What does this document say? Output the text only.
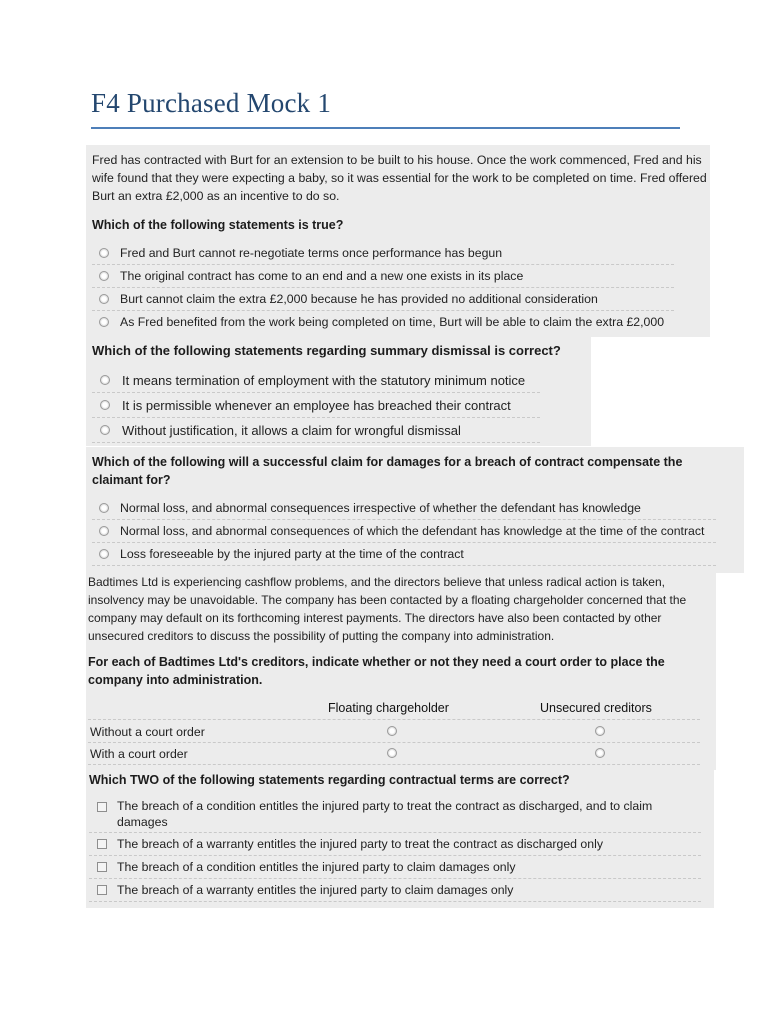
F4 Purchased Mock 1

Fred has contracted with Burt for an extension to be built to his house. Once the work commenced, Fred and his wife found that they were expecting a baby, so it was essential for the work to be completed on time. Fred offered Burt an extra £2,000 as an incentive to do so.

Which of the following statements is true?

Fred and Burt cannot re-negotiate terms once performance has begun
The original contract has come to an end and a new one exists in its place
Burt cannot claim the extra £2,000 because he has provided no additional consideration
As Fred benefited from the work being completed on time, Burt will be able to claim the extra £2,000

Which of the following statements regarding summary dismissal is correct?

It means termination of employment with the statutory minimum notice
It is permissible whenever an employee has breached their contract
Without justification, it allows a claim for wrongful dismissal

Which of the following will a successful claim for damages for a breach of contract compensate the claimant for?

Normal loss, and abnormal consequences irrespective of whether the defendant has knowledge
Normal loss, and abnormal consequences of which the defendant has knowledge at the time of the contract
Loss foreseeable by the injured party at the time of the contract

Badtimes Ltd is experiencing cashflow problems, and the directors believe that unless radical action is taken, insolvency may be unavoidable. The company has been contacted by a floating chargeholder concerned that the company may default on its forthcoming interest payments. The directors have also been contacted by other unsecured creditors to discuss the possibility of putting the company into administration.

For each of Badtimes Ltd's creditors, indicate whether or not they need a court order to place the company into administration.

Floating chargeholder	Unsecured creditors
Without a court order
With a court order

Which TWO of the following statements regarding contractual terms are correct?

The breach of a condition entitles the injured party to treat the contract as discharged, and to claim damages
The breach of a warranty entitles the injured party to treat the contract as discharged only
The breach of a condition entitles the injured party to claim damages only
The breach of a warranty entitles the injured party to claim damages only
